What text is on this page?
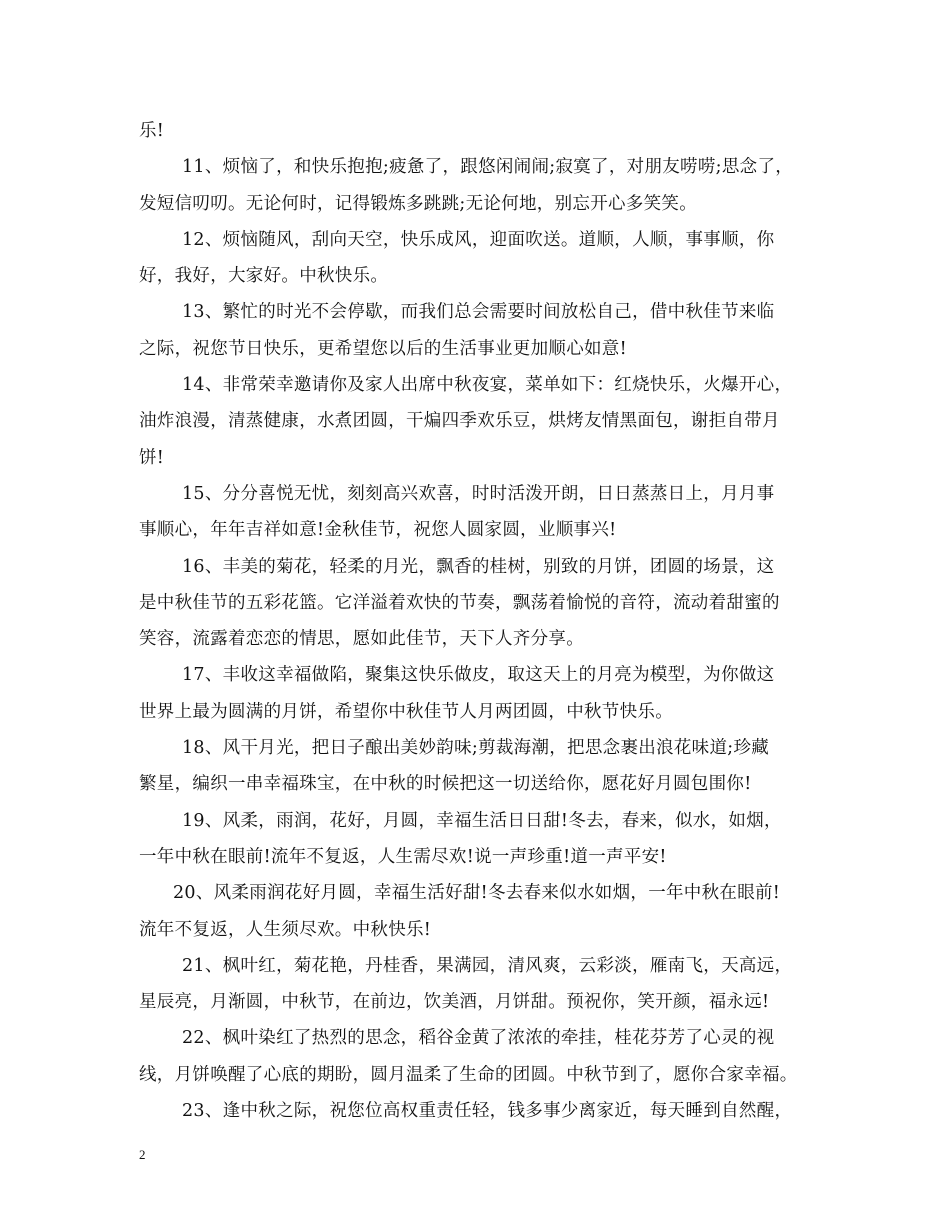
乐!
11、烦恼了，和快乐抱抱;疲惫了，跟悠闲闹闹;寂寞了，对朋友唠唠;思念了，
发短信叨叨。无论何时，记得锻炼多跳跳;无论何地，别忘开心多笑笑。
12、烦恼随风，刮向天空，快乐成风，迎面吹送。道顺，人顺，事事顺，你
好，我好，大家好。中秋快乐。
13、繁忙的时光不会停歇，而我们总会需要时间放松自己，借中秋佳节来临
之际，祝您节日快乐，更希望您以后的生活事业更加顺心如意!
14、非常荣幸邀请你及家人出席中秋夜宴，菜单如下：红烧快乐，火爆开心，
油炸浪漫，清蒸健康，水煮团圆，干煸四季欢乐豆，烘烤友情黑面包，谢拒自带月
饼!
15、分分喜悦无忧，刻刻高兴欢喜，时时活泼开朗，日日蒸蒸日上，月月事
事顺心，年年吉祥如意!金秋佳节，祝您人圆家圆，业顺事兴!
16、丰美的菊花，轻柔的月光，飘香的桂树，别致的月饼，团圆的场景，这
是中秋佳节的五彩花篮。它洋溢着欢快的节奏，飘荡着愉悦的音符，流动着甜蜜的
笑容，流露着恋恋的情思，愿如此佳节，天下人齐分享。
17、丰收这幸福做陷，聚集这快乐做皮，取这天上的月亮为模型，为你做这
世界上最为圆满的月饼，希望你中秋佳节人月两团圆，中秋节快乐。
18、风干月光，把日子酿出美妙韵味;剪裁海潮，把思念裹出浪花味道;珍藏
繁星，编织一串幸福珠宝，在中秋的时候把这一切送给你，愿花好月圆包围你!
19、风柔，雨润，花好，月圆，幸福生活日日甜!冬去，春来，似水，如烟，
一年中秋在眼前!流年不复返，人生需尽欢!说一声珍重!道一声平安!
20、风柔雨润花好月圆，幸福生活好甜!冬去春来似水如烟，一年中秋在眼前!
流年不复返，人生须尽欢。中秋快乐!
21、枫叶红，菊花艳，丹桂香，果满园，清风爽，云彩淡，雁南飞，天高远，
星辰亮，月渐圆，中秋节，在前边，饮美酒，月饼甜。预祝你，笑开颜，福永远!
22、枫叶染红了热烈的思念，稻谷金黄了浓浓的牵挂，桂花芬芳了心灵的视
线，月饼唤醒了心底的期盼，圆月温柔了生命的团圆。中秋节到了，愿你合家幸福。
23、逢中秋之际，祝您位高权重责任轻，钱多事少离家近，每天睡到自然醒，
2
